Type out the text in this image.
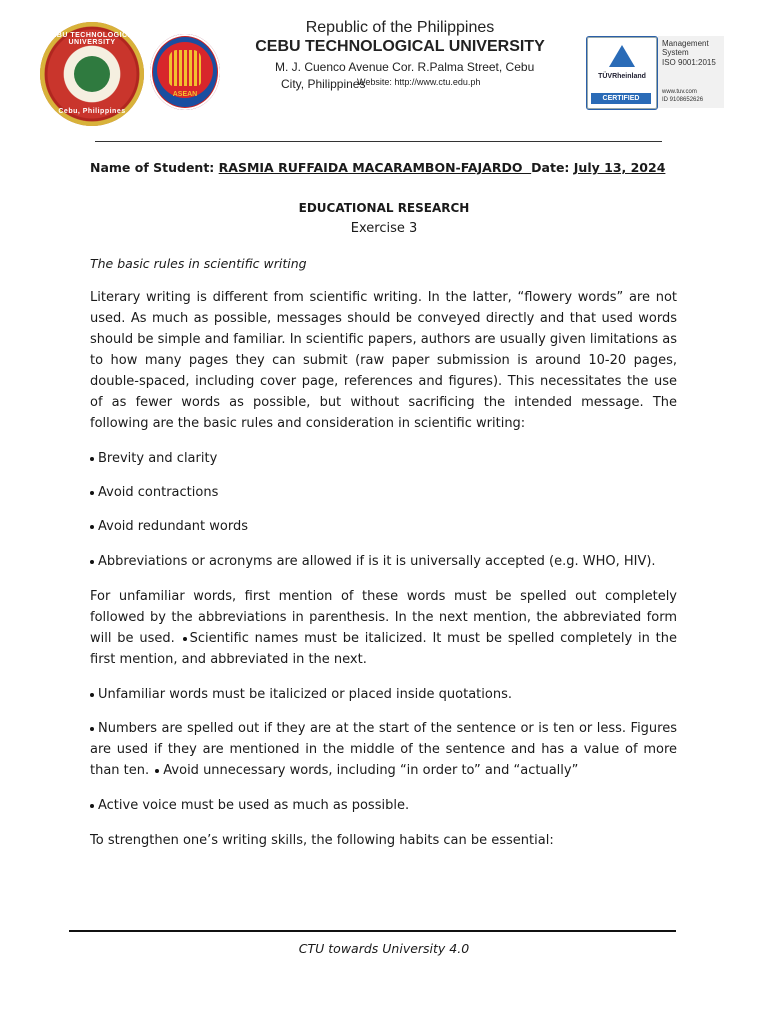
CEBU TECHNOLOGICAL UNIVERSITY
Cebu, Philippines
ASEAN
Republic of the Philippines
CEBU TECHNOLOGICAL UNIVERSITY
M. J. Cuenco Avenue Cor. R.Palma Street, Cebu
City, Philippines
Website: http://www.ctu.edu.ph
TÜVRheinland
CERTIFIED
Management
System
ISO 9001:2015
www.tuv.com
ID 9108652626
Name of Student: RASMIA RUFFAIDA MACARAMBON-FAJARDO  Date: July 13, 2024
EDUCATIONAL RESEARCH
Exercise 3
The basic rules in scientific writing
Literary writing is different from scientific writing. In the latter, “flowery words” are not used. As much as possible, messages should be conveyed directly and that used words should be simple and familiar. In scientific papers, authors are usually given limitations as to how many pages they can submit (raw paper submission is around 10-20 pages, double-spaced, including cover page, references and figures). This necessitates the use of as fewer words as possible, but without sacrificing the intended message. The following are the basic rules and consideration in scientific writing:
Brevity and clarity
Avoid contractions
Avoid redundant words
Abbreviations or acronyms are allowed if is it is universally accepted (e.g. WHO, HIV).
For unfamiliar words, first mention of these words must be spelled out completely followed by the abbreviations in parenthesis. In the next mention, the abbreviated form will be used. Scientific names must be italicized. It must be spelled completely in the first mention, and abbreviated in the next.
Unfamiliar words must be italicized or placed inside quotations.
Numbers are spelled out if they are at the start of the sentence or is ten or less. Figures are used if they are mentioned in the middle of the sentence and has a value of more than ten. Avoid unnecessary words, including “in order to” and “actually”
Active voice must be used as much as possible.
To strengthen one’s writing skills, the following habits can be essential:
CTU towards University 4.0
